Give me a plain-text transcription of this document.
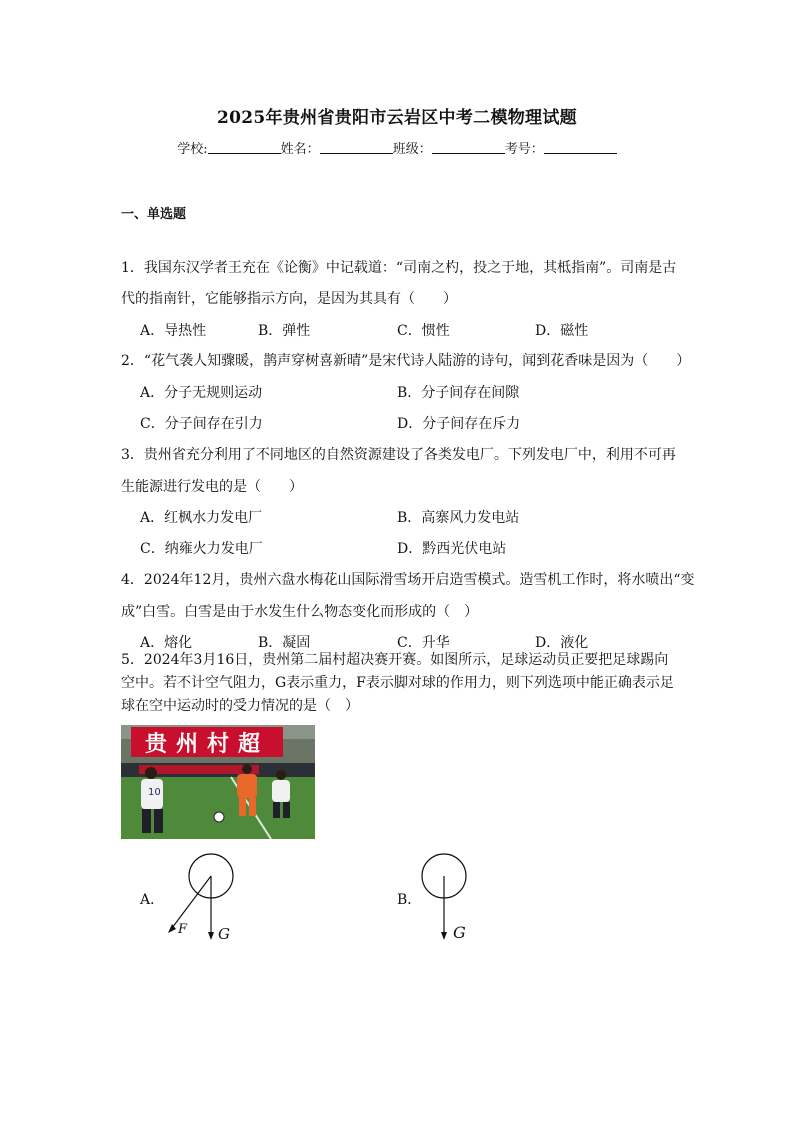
2025年贵州省贵阳市云岩区中考二模物理试题
学校:	姓名：	班级：	考号：
一、单选题
1．我国东汉学者王充在《论衡》中记载道：“司南之杓，投之于地，其柢指南”。司南是古
代的指南针，它能够指示方向，是因为其具有（　　）
A．导热性	B．弹性	C．惯性	D．磁性
2．“花气袭人知骤暖，鹊声穿树喜新晴”是宋代诗人陆游的诗句，闻到花香味是因为（　　）
A．分子无规则运动	B．分子间存在间隙
C．分子间存在引力	D．分子间存在斥力
3．贵州省充分利用了不同地区的自然资源建设了各类发电厂。下列发电厂中，利用不可再
生能源进行发电的是（　　）
A．红枫水力发电厂	B．高寨风力发电站
C．纳雍火力发电厂	D．黔西光伏电站
4．2024年12月，贵州六盘水梅花山国际滑雪场开启造雪模式。造雪机工作时，将水喷出“变
成”白雪。白雪是由于水发生什么物态变化而形成的（　）
A．熔化	B．凝固	C．升华	D．液化
5．2024年3月16日，贵州第二届村超决赛开赛。如图所示，足球运动员正要把足球踢向
空中。若不计空气阻力，G表示重力，F表示脚对球的作用力，则下列选项中能正确表示足
贵州村超
10
A．
F G
B．
G
球在空中运动时的受力情况的是（　）
